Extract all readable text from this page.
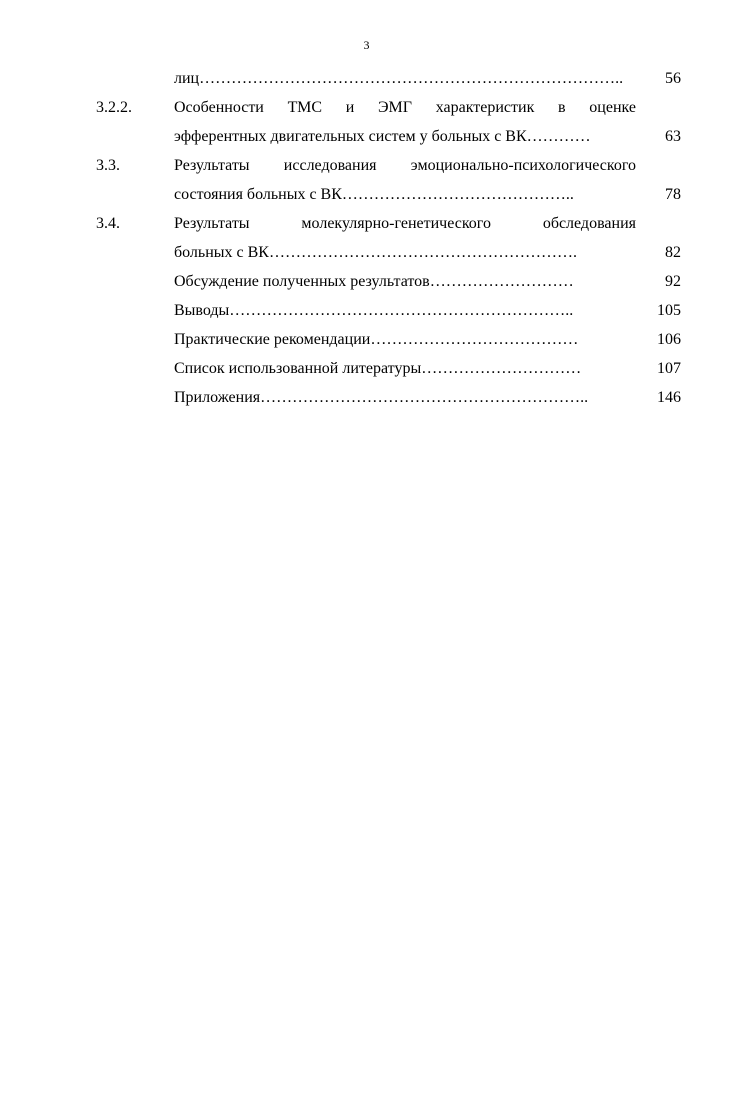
3
лиц……………………………………………………………………..	56
3.2.2.	Особенности ТМС и ЭМГ характеристик в оценке
эфферентных двигательных систем у больных с ВК…………	63
3.3.	Результаты исследования эмоционально-психологического
состояния больных с ВК……………………………………..	78
3.4.	Результаты молекулярно-генетического обследования
больных с ВК………………………………………………….	82
Обсуждение полученных результатов………………………	92
Выводы………………………………………………………..	105
Практические рекомендации…………………………………	106
Список использованной литературы…………………………	107
Приложения……………………………………………………..	146
